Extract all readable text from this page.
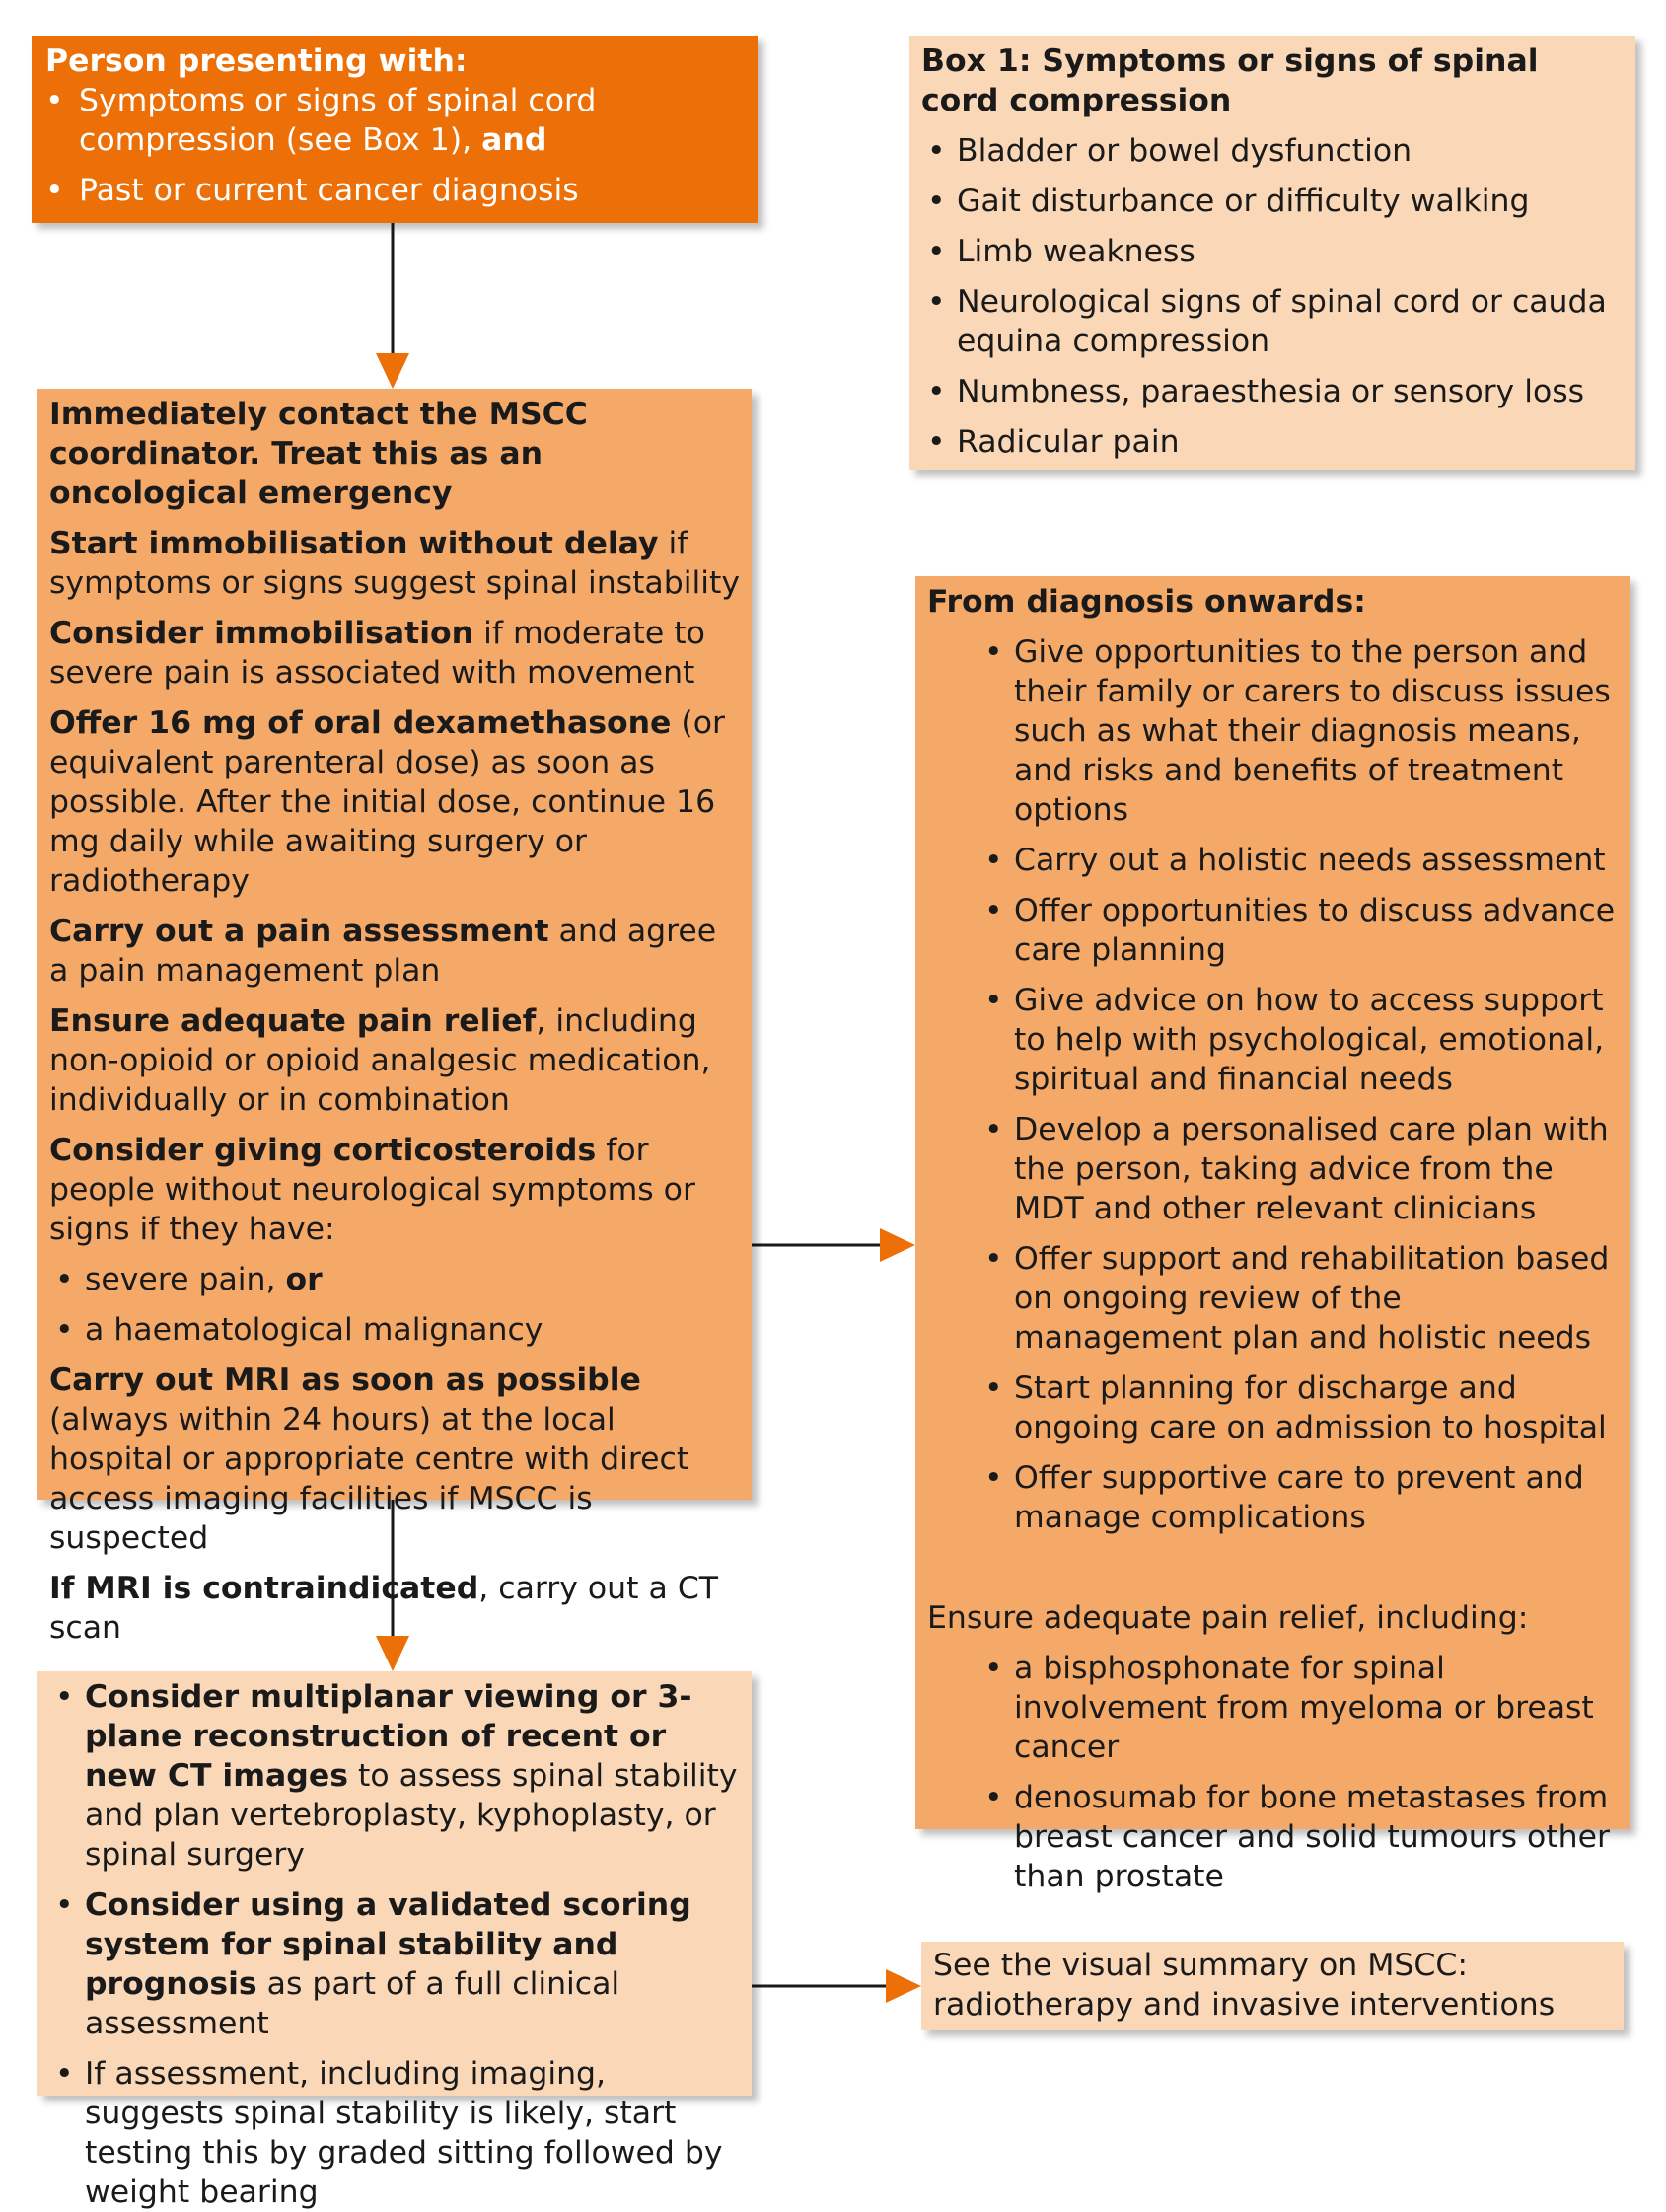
Person presenting with:

• Symptoms or signs of spinal cord compression (see Box 1), and
• Past or current cancer diagnosis

Box 1: Symptoms or signs of spinal cord compression

• Bladder or bowel dysfunction
• Gait disturbance or difficulty walking
• Limb weakness
• Neurological signs of spinal cord or cauda equina compression
• Numbness, paraesthesia or sensory loss
• Radicular pain

Immediately contact the MSCC coordinator. Treat this as an oncological emergency

Start immobilisation without delay if symptoms or signs suggest spinal instability

Consider immobilisation if moderate to severe pain is associated with movement

Offer 16 mg of oral dexamethasone (or equivalent parenteral dose) as soon as possible. After the initial dose, continue 16 mg daily while awaiting surgery or radiotherapy

Carry out a pain assessment and agree a pain management plan

Ensure adequate pain relief, including non-opioid or opioid analgesic medication, individually or in combination

Consider giving corticosteroids for people without neurological symptoms or signs if they have:

• severe pain, or
• a haematological malignancy

Carry out MRI as soon as possible (always within 24 hours) at the local hospital or appropriate centre with direct access imaging facilities if MSCC is suspected

If MRI is contraindicated, carry out a CT scan

From diagnosis onwards:

• Give opportunities to the person and their family or carers to discuss issues such as what their diagnosis means, and risks and benefits of treatment options
• Carry out a holistic needs assessment
• Offer opportunities to discuss advance care planning
• Give advice on how to access support to help with psychological, emotional, spiritual and financial needs
• Develop a personalised care plan with the person, taking advice from the MDT and other relevant clinicians
• Offer support and rehabilitation based on ongoing review of the management plan and holistic needs
• Start planning for discharge and ongoing care on admission to hospital
• Offer supportive care to prevent and manage complications

Ensure adequate pain relief, including:

• a bisphosphonate for spinal involvement from myeloma or breast cancer
• denosumab for bone metastases from breast cancer and solid tumours other than prostate
• Consider multiplanar viewing or 3-plane reconstruction of recent or new CT images to assess spinal stability and plan vertebroplasty, kyphoplasty, or spinal surgery
• Consider using a validated scoring system for spinal stability and prognosis as part of a full clinical assessment
• If assessment, including imaging, suggests spinal stability is likely, start testing this by graded sitting followed by weight bearing

See the visual summary on MSCC: radiotherapy and invasive interventions
